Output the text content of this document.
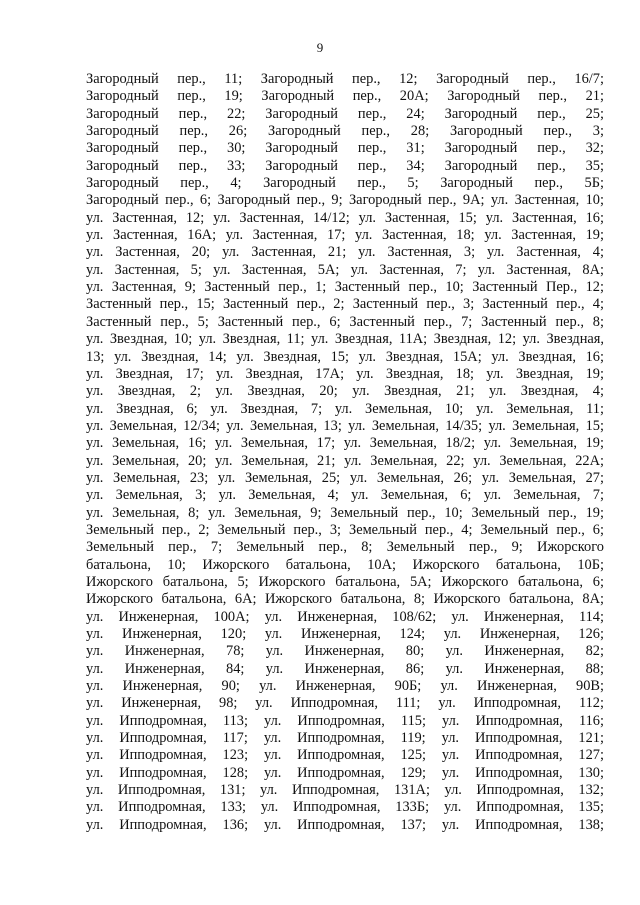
9
Загородный пер., 11; Загородный пер., 12; Загородный пер., 16/7;
Загородный пер., 19; Загородный пер., 20А; Загородный пер., 21;
Загородный пер., 22; Загородный пер., 24; Загородный пер., 25;
Загородный пер., 26; Загородный пер., 28; Загородный пер., 3;
Загородный пер., 30; Загородный пер., 31; Загородный пер., 32;
Загородный пер., 33; Загородный пер., 34; Загородный пер., 35;
Загородный пер., 4; Загородный пер., 5; Загородный пер., 5Б;
Загородный пер., 6; Загородный пер., 9; Загородный пер., 9А; ул. Застенная, 10;
ул. Застенная, 12; ул. Застенная, 14/12; ул. Застенная, 15; ул. Застенная, 16;
ул. Застенная, 16А; ул. Застенная, 17; ул. Застенная, 18; ул. Застенная, 19;
ул. Застенная, 20; ул. Застенная, 21; ул. Застенная, 3; ул. Застенная, 4;
ул. Застенная, 5; ул. Застенная, 5А; ул. Застенная, 7; ул. Застенная, 8А;
ул. Застенная, 9; Застенный пер., 1; Застенный пер., 10; Застенный Пер., 12;
Застенный пер., 15; Застенный пер., 2; Застенный пер., 3; Застенный пер., 4;
Застенный пер., 5; Застенный пер., 6; Застенный пер., 7; Застенный пер., 8;
ул. Звездная, 10; ул. Звездная, 11; ул. Звездная, 11А; Звездная, 12; ул. Звездная,
13; ул. Звездная, 14; ул. Звездная, 15; ул. Звездная, 15А; ул. Звездная, 16;
ул. Звездная, 17; ул. Звездная, 17А; ул. Звездная, 18; ул. Звездная, 19;
ул. Звездная, 2; ул. Звездная, 20; ул. Звездная, 21; ул. Звездная, 4;
ул. Звездная, 6; ул. Звездная, 7; ул. Земельная, 10; ул. Земельная, 11;
ул. Земельная, 12/34; ул. Земельная, 13; ул. Земельная, 14/35; ул. Земельная, 15;
ул. Земельная, 16; ул. Земельная, 17; ул. Земельная, 18/2; ул. Земельная, 19;
ул. Земельная, 20; ул. Земельная, 21; ул. Земельная, 22; ул. Земельная, 22А;
ул. Земельная, 23; ул. Земельная, 25; ул. Земельная, 26; ул. Земельная, 27;
ул. Земельная, 3; ул. Земельная, 4; ул. Земельная, 6; ул. Земельная, 7;
ул. Земельная, 8; ул. Земельная, 9; Земельный пер., 10; Земельный пер., 19;
Земельный пер., 2; Земельный пер., 3; Земельный пер., 4; Земельный пер., 6;
Земельный пер., 7; Земельный пер., 8; Земельный пер., 9; Ижорского
батальона, 10; Ижорского батальона, 10А; Ижорского батальона, 10Б;
Ижорского батальона, 5; Ижорского батальона, 5А; Ижорского батальона, 6;
Ижорского батальона, 6А; Ижорского батальона, 8; Ижорского батальона, 8А;
ул. Инженерная, 100А; ул. Инженерная, 108/62; ул. Инженерная, 114;
ул. Инженерная, 120; ул. Инженерная, 124; ул. Инженерная, 126;
ул. Инженерная, 78; ул. Инженерная, 80; ул. Инженерная, 82;
ул. Инженерная, 84; ул. Инженерная, 86; ул. Инженерная, 88;
ул. Инженерная, 90; ул. Инженерная, 90Б; ул. Инженерная, 90В;
ул. Инженерная, 98; ул. Ипподромная, 111; ул. Ипподромная, 112;
ул. Ипподромная, 113; ул. Ипподромная, 115; ул. Ипподромная, 116;
ул. Ипподромная, 117; ул. Ипподромная, 119; ул. Ипподромная, 121;
ул. Ипподромная, 123; ул. Ипподромная, 125; ул. Ипподромная, 127;
ул. Ипподромная, 128; ул. Ипподромная, 129; ул. Ипподромная, 130;
ул. Ипподромная, 131; ул. Ипподромная, 131А; ул. Ипподромная, 132;
ул. Ипподромная, 133; ул. Ипподромная, 133Б; ул. Ипподромная, 135;
ул. Ипподромная, 136; ул. Ипподромная, 137; ул. Ипподромная, 138;
